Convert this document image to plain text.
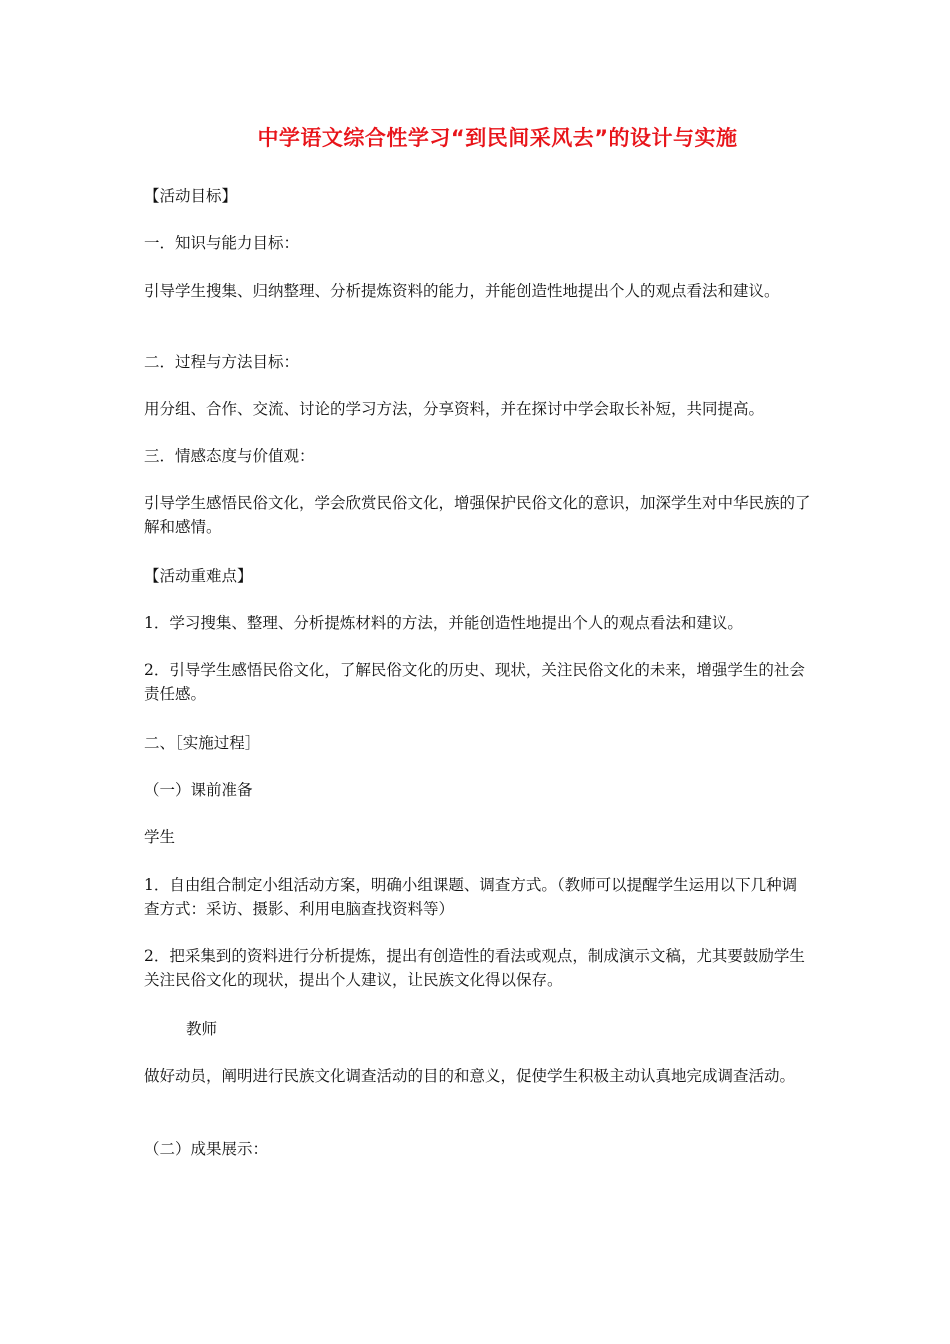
中学语文综合性学习“到民间采风去”的设计与实施

【活动目标】

一．知识与能力目标：

引导学生搜集、归纳整理、分析提炼资料的能力，并能创造性地提出个人的观点看法和建议。

二．过程与方法目标：

用分组、合作、交流、讨论的学习方法，分享资料，并在探讨中学会取长补短，共同提高。

三．情感态度与价值观：

引导学生感悟民俗文化，学会欣赏民俗文化，增强保护民俗文化的意识，加深学生对中华民族的了解和感情。

【活动重难点】

1．学习搜集、整理、分析提炼材料的方法，并能创造性地提出个人的观点看法和建议。

2．引导学生感悟民俗文化，了解民俗文化的历史、现状，关注民俗文化的未来，增强学生的社会责任感。

二、［实施过程］

（一）课前准备

学生

1．自由组合制定小组活动方案，明确小组课题、调查方式。（教师可以提醒学生运用以下几种调查方式：采访、摄影、利用电脑查找资料等）

2．把采集到的资料进行分析提炼，提出有创造性的看法或观点，制成演示文稿，尤其要鼓励学生关注民俗文化的现状，提出个人建议，让民族文化得以保存。

教师

做好动员，阐明进行民族文化调查活动的目的和意义，促使学生积极主动认真地完成调查活动。

（二）成果展示：
